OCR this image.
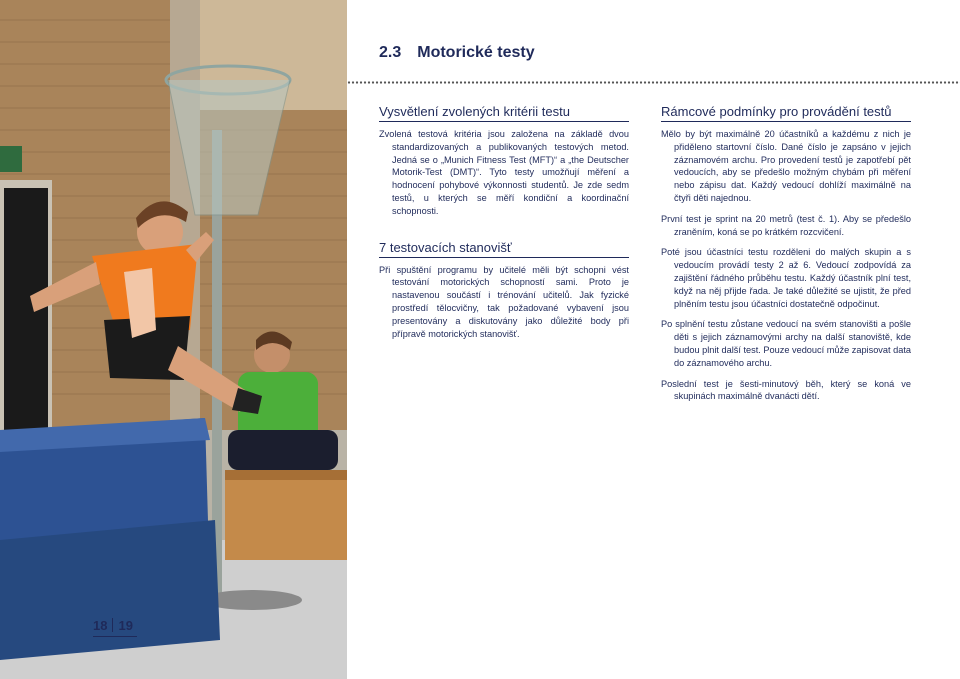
18 19
2.3 Motorické testy
Vysvětlení zvolených kritérii testu

Zvolená testová kritéria jsou založena na základě dvou standardizovaných a publikovaných testových metod. Jedná se o „Munich Fitness Test (MFT)“ a „the Deutscher Motorik-Test (DMT)“. Tyto testy umožňují měření a hodnocení pohybové výkonnosti studentů. Je zde sedm testů, u kterých se měří kondiční a koordinační schopnosti.

7 testovacích stanovišť

Při spuštění programu by učitelé měli být schopni vést testování motorických schopností sami. Proto je nastavenou součástí i trénování učitelů. Jak fyzické prostředí tělocvičny, tak požadované vybavení jsou presentovány a diskutovány jako důležité body při přípravě motorických stanovišť.

Rámcové podmínky pro provádění testů

Mělo by být maximálně 20 účastníků a každému z nich je přiděleno startovní číslo. Dané číslo je zapsáno v jejich záznamovém archu. Pro provedení testů je zapotřebí pět vedoucích, aby se předešlo možným chybám při měření nebo zápisu dat. Každý vedoucí dohlíží maximálně na čtyři děti najednou.

První test je sprint na 20 metrů (test č. 1). Aby se předešlo zraněním, koná se po krátkém rozcvičení.

Poté jsou účastníci testu rozděleni do malých skupin a s vedoucím provádí testy 2 až 6. Vedoucí zodpovídá za zajištění řádného průběhu testu. Každý účastník plní test, když na něj přijde řada. Je také důležité se ujistit, že před plněním testu jsou účastníci dostatečně odpočinut.

Po splnění testu zůstane vedoucí na svém stanovišti a pošle děti s jejich záznamovými archy na další stanoviště, kde budou plnit další test. Pouze vedoucí může zapisovat data do záznamového archu.

Poslední test je šesti-minutový běh, který se koná ve skupinách maximálně dvanácti dětí.
